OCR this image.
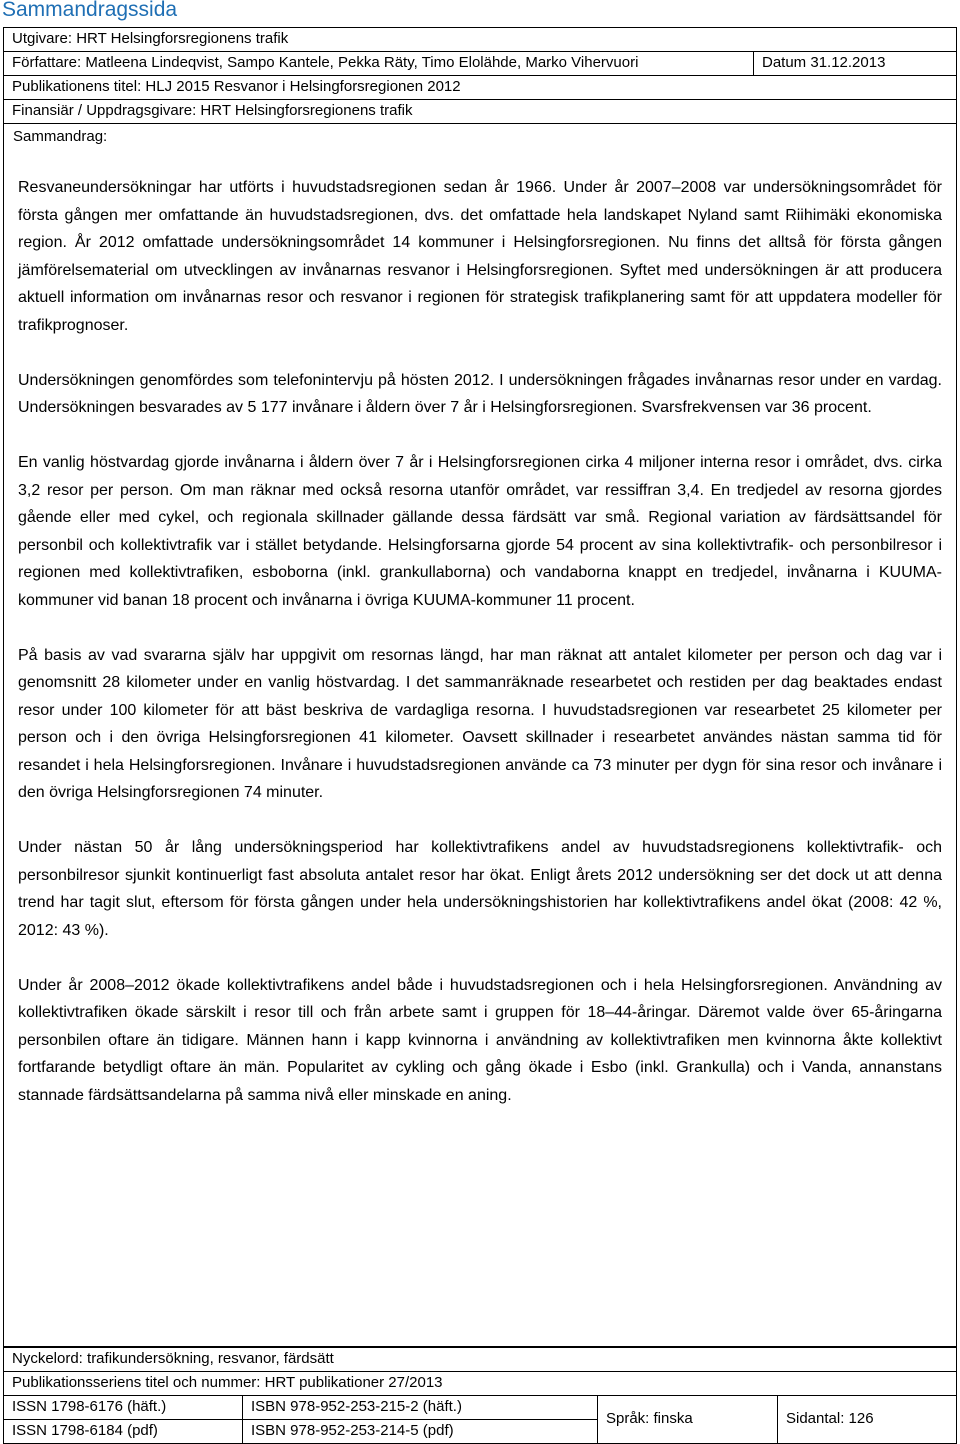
Sammandragssida
Utgivare: HRT Helsingforsregionens trafik
Författare: Matleena Lindeqvist, Sampo Kantele, Pekka Räty, Timo Elolähde, Marko Vihervuori	Datum 31.12.2013
Publikationens titel: HLJ 2015 Resvanor i Helsingforsregionen 2012
Finansiär / Uppdragsgivare: HRT Helsingforsregionens trafik

Sammandrag:

Resvaneundersökningar har utförts i huvudstadsregionen sedan år 1966. Under år 2007–2008 var undersökningsområdet för första gången mer omfattande än huvudstadsregionen, dvs. det omfattade hela landskapet Nyland samt Riihimäki ekonomiska region. År 2012 omfattade undersökningsområdet 14 kommuner i Helsingforsregionen. Nu finns det alltså för första gången jämförelsematerial om utvecklingen av invånarnas resvanor i Helsingforsregionen. Syftet med undersökningen är att producera aktuell information om invånarnas resor och resvanor i regionen för strategisk trafikplanering samt för att uppdatera modeller för trafikprognoser.

Undersökningen genomfördes som telefonintervju på hösten 2012. I undersökningen frågades invånarnas resor under en vardag. Undersökningen besvarades av 5 177 invånare i åldern över 7 år i Helsingforsregionen. Svarsfrekvensen var 36 procent.

En vanlig höstvardag gjorde invånarna i åldern över 7 år i Helsingforsregionen cirka 4 miljoner interna resor i området, dvs. cirka 3,2 resor per person. Om man räknar med också resorna utanför området, var ressiffran 3,4. En tredjedel av resorna gjordes gående eller med cykel, och regionala skillnader gällande dessa färdsätt var små. Regional variation av färdsättsandel för personbil och kollektivtrafik var i stället betydande. Helsingforsarna gjorde 54 procent av sina kollektivtrafik- och personbilresor i regionen med kollektivtrafiken, esboborna (inkl. grankullaborna) och vandaborna knappt en tredjedel, invånarna i KUUMA-kommuner vid banan 18 procent och invånarna i övriga KUUMA-kommuner 11 procent.

På basis av vad svararna själv har uppgivit om resornas längd, har man räknat att antalet kilometer per person och dag var i genomsnitt 28 kilometer under en vanlig höstvardag. I det sammanräknade researbetet och restiden per dag beaktades endast resor under 100 kilometer för att bäst beskriva de vardagliga resorna. I huvudstadsregionen var researbetet 25 kilometer per person och i den övriga Helsingforsregionen 41 kilometer. Oavsett skillnader i researbetet användes nästan samma tid för resandet i hela Helsingforsregionen. Invånare i huvudstadsregionen använde ca 73 minuter per dygn för sina resor och invånare i den övriga Helsingforsregionen 74 minuter.

Under nästan 50 år lång undersökningsperiod har kollektivtrafikens andel av huvudstadsregionens kollektivtrafik- och personbilresor sjunkit kontinuerligt fast absoluta antalet resor har ökat. Enligt årets 2012 undersökning ser det dock ut att denna trend har tagit slut, eftersom för första gången under hela undersökningshistorien har kollektivtrafikens andel ökat (2008: 42 %, 2012: 43 %).

Under år 2008–2012 ökade kollektivtrafikens andel både i huvudstadsregionen och i hela Helsingforsregionen. Användning av kollektivtrafiken ökade särskilt i resor till och från arbete samt i gruppen för 18–44-åringar. Däremot valde över 65-åringarna personbilen oftare än tidigare. Männen hann i kapp kvinnorna i användning av kollektivtrafiken men kvinnorna åkte kollektivt fortfarande betydligt oftare än män. Popularitet av cykling och gång ökade i Esbo (inkl. Grankulla) och i Vanda, annanstans stannade färdsättsandelarna på samma nivå eller minskade en aning.

Nyckelord: trafikundersökning, resvanor, färdsätt			
Publikationsseriens titel och nummer: HRT publikationer 27/2013			
ISSN 1798-6176 (häft.)	ISBN 978-952-253-215-2 (häft.)	Språk: finska	Sidantal: 126
ISSN 1798-6184 (pdf)	ISBN 978-952-253-214-5 (pdf)		
